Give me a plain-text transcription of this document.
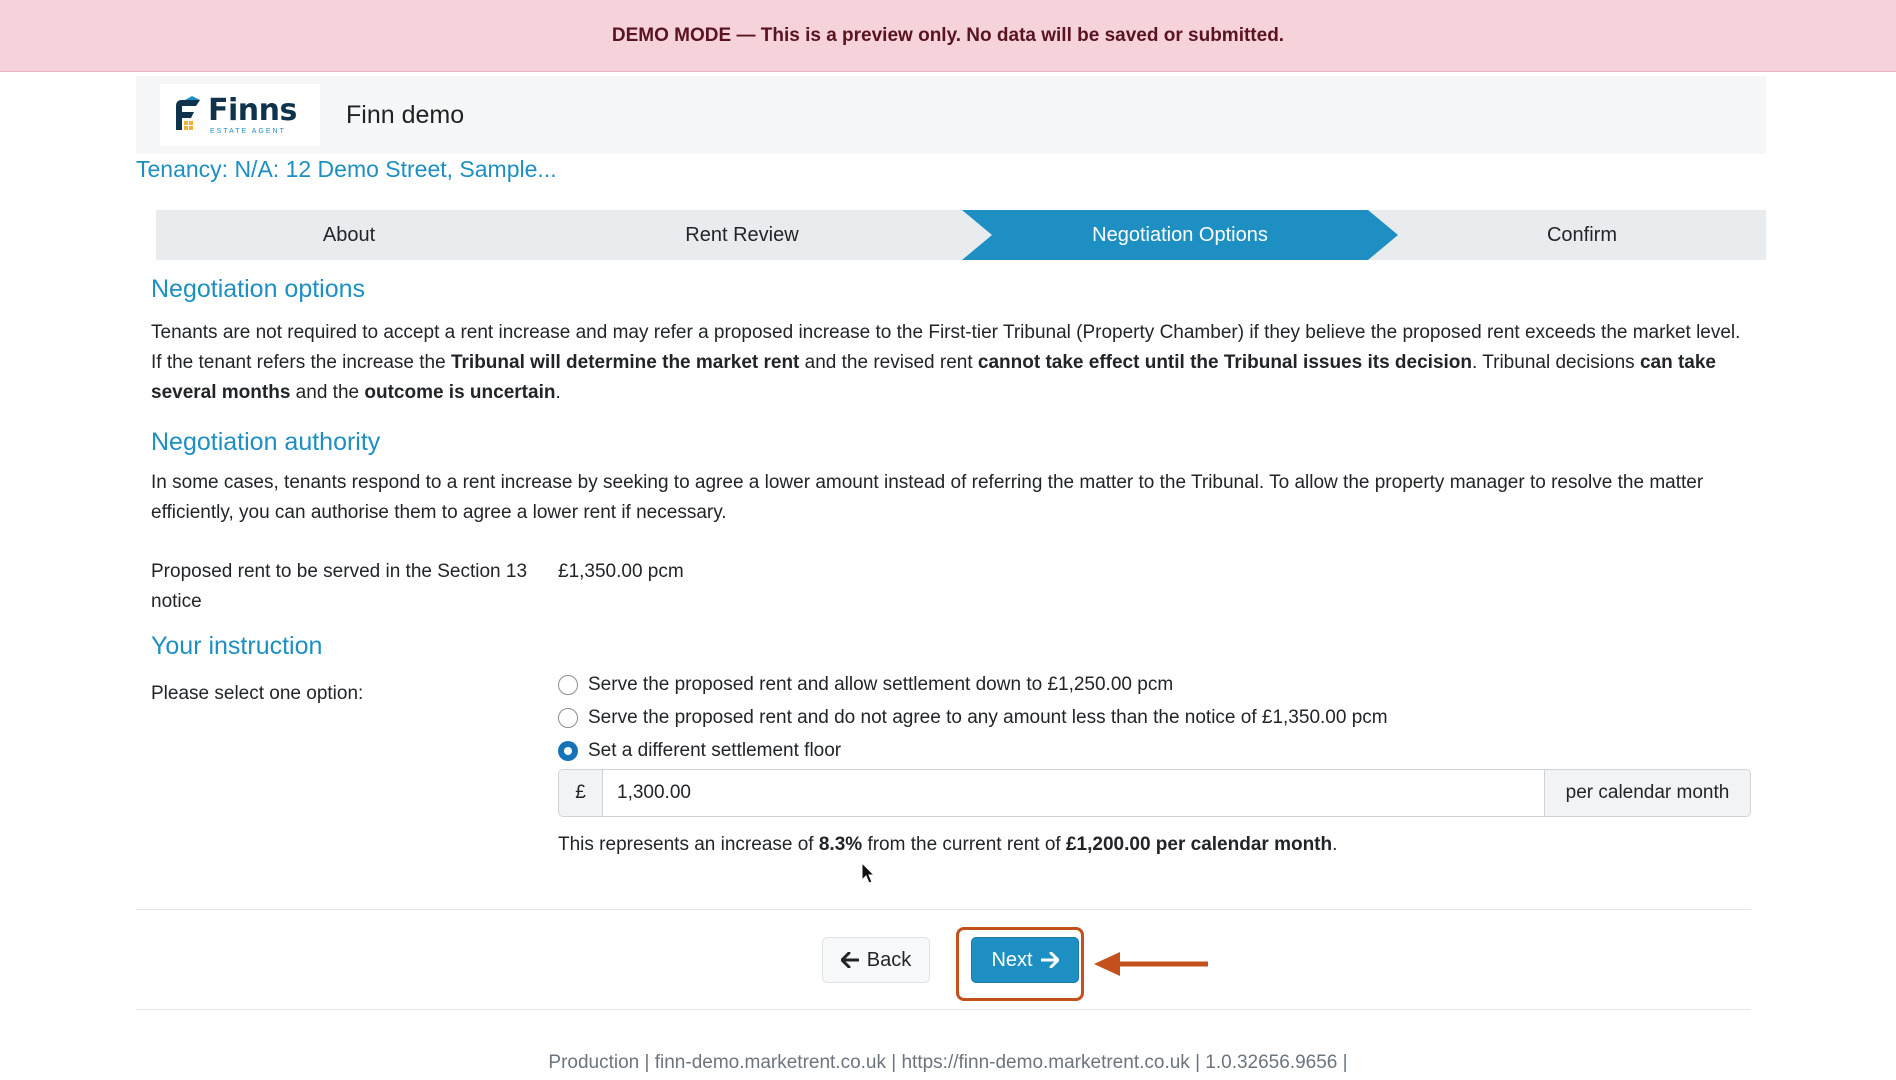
DEMO MODE — This is a preview only. No data will be saved or submitted.
Finns
ESTATE AGENT
Finn demo
Tenancy: N/A: 12 Demo Street, Sample...
About	Rent Review	Negotiation Options	Confirm
Negotiation options

Tenants are not required to accept a rent increase and may refer a proposed increase to the First-tier Tribunal (Property Chamber) if they believe the proposed rent exceeds the market level. If the tenant refers the increase the Tribunal will determine the market rent and the revised rent cannot take effect until the Tribunal issues its decision. Tribunal decisions can take several months and the outcome is uncertain.

Negotiation authority

In some cases, tenants respond to a rent increase by seeking to agree a lower amount instead of referring the matter to the Tribunal. To allow the property manager to resolve the matter efficiently, you can authorise them to agree a lower rent if necessary.

Proposed rent to be served in the Section 13 notice
£1,350.00 pcm
Your instruction
Please select one option:	Serve the proposed rent and allow settlement down to £1,250.00 pcm
Serve the proposed rent and do not agree to any amount less than the notice of £1,350.00 pcm
Set a different settlement floor
£
1,300.00	per calendar month

This represents an increase of 8.3% from the current rent of £1,200.00 per calendar month.

Back	Next
Production | finn-demo.marketrent.co.uk | https://finn-demo.marketrent.co.uk | 1.0.32656.9656 |
